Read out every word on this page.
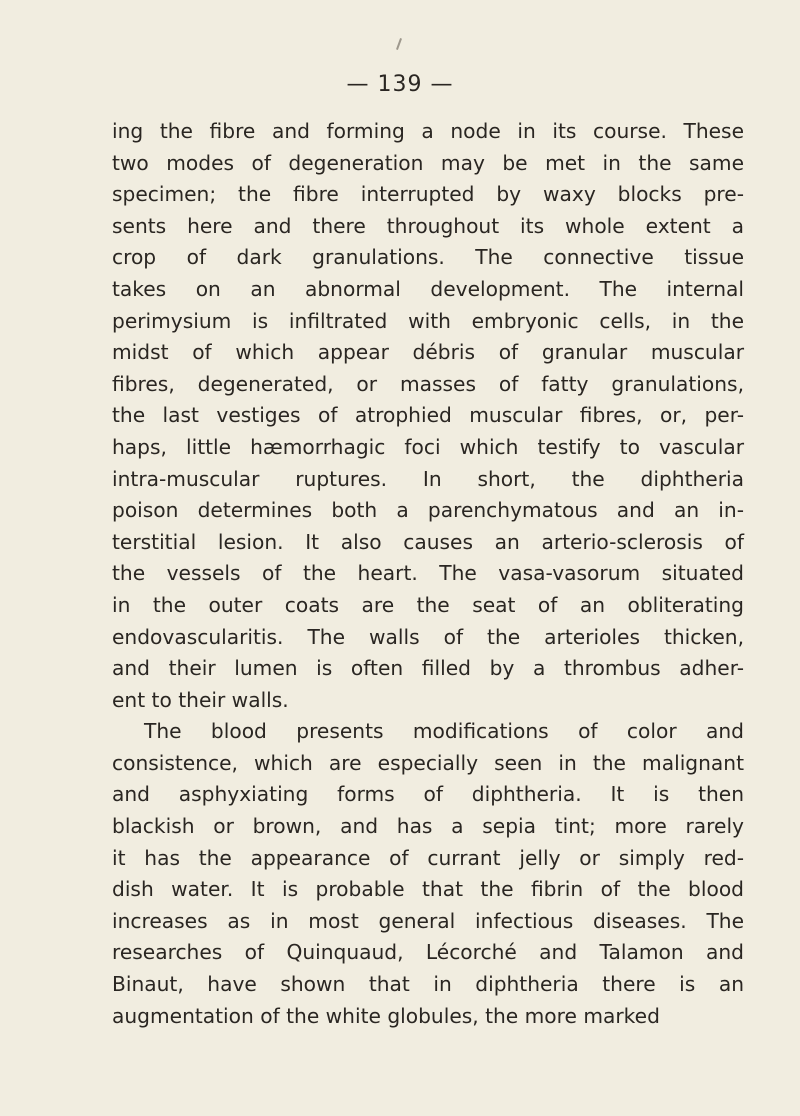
— 139 —
ing the fibre and forming a node in its course. These
two modes of degeneration may be met in the same
specimen; the fibre interrupted by waxy blocks pre-
sents here and there throughout its whole extent a
crop of dark granulations. The connective tissue
takes on an abnormal development. The internal
perimysium is infiltrated with embryonic cells, in the
midst of which appear débris of granular muscular
fibres, degenerated, or masses of fatty granulations,
the last vestiges of atrophied muscular fibres, or, per-
haps, little hæmorrhagic foci which testify to vascular
intra-muscular ruptures. In short, the diphtheria
poison determines both a parenchymatous and an in-
terstitial lesion. It also causes an arterio-sclerosis of
the vessels of the heart. The vasa-vasorum situated
in the outer coats are the seat of an obliterating
endovascularitis. The walls of the arterioles thicken,
and their lumen is often filled by a thrombus adher-
ent to their walls.
The blood presents modifications of color and
consistence, which are especially seen in the malignant
and asphyxiating forms of diphtheria. It is then
blackish or brown, and has a sepia tint; more rarely
it has the appearance of currant jelly or simply red-
dish water. It is probable that the fibrin of the blood
increases as in most general infectious diseases. The
researches of Quinquaud, Lécorché and Talamon and
Binaut, have shown that in diphtheria there is an
augmentation of the white globules, the more marked
